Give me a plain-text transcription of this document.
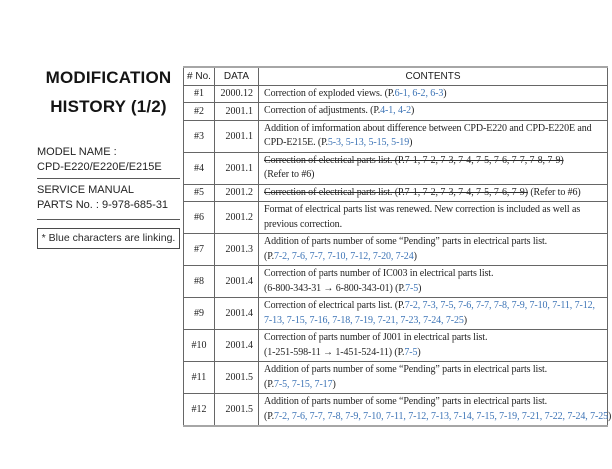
MODIFICATION
HISTORY (1/2)
MODEL NAME :
CPD-E220/E220E/E215E
SERVICE MANUAL
PARTS No. : 9-978-685-31
* Blue characters are linking.
# No.	DATA	CONTENTS
#1	2000.12	Correction of exploded views. (P.6-1, 6-2, 6-3)

#2	2001.1	Correction of adjustments. (P.4-1, 4-2)

#3	2001.1	Addition of imformation about difference between CPD-E220 and CPD-E220E and
CPD-E215E. (P.5-3, 5-13, 5-15, 5-19)

#4	2001.1	Correction of electrical parts list. (P.7-1, 7-2, 7-3, 7-4, 7-5, 7-6, 7-7, 7-8, 7-9)
(Refer to #6)

#5	2001.2	Correction of electrical parts list. (P.7-1, 7-2, 7-3, 7-4, 7-5, 7-6, 7-9) (Refer to #6)

#6	2001.2	Format of electrical parts list was renewed. New correction is included as well as
previous correction.

#7	2001.3	Addition of parts number of some “Pending” parts in electrical parts list.
(P.7-2, 7-6, 7-7, 7-10, 7-12, 7-20, 7-24)

#8	2001.4	Correction of parts number of IC003 in electrical parts list.
(6-800-343-31 → 6-800-343-01) (P.7-5)

#9	2001.4	Correction of electrical parts list. (P.7-2, 7-3, 7-5, 7-6, 7-7, 7-8, 7-9, 7-10, 7-11, 7-12,
7-13, 7-15, 7-16, 7-18, 7-19, 7-21, 7-23, 7-24, 7-25)

#10	2001.4	Correction of parts number of J001 in electrical parts list.
(1-251-598-11 → 1-451-524-11) (P.7-5)

#11	2001.5	Addition of parts number of some “Pending” parts in electrical parts list.
(P.7-5, 7-15, 7-17)

#12	2001.5	Addition of parts number of some “Pending” parts in electrical parts list.
(P.7-2, 7-6, 7-7, 7-8, 7-9, 7-10, 7-11, 7-12, 7-13, 7-14, 7-15, 7-19, 7-21, 7-22, 7-24, 7-25)
